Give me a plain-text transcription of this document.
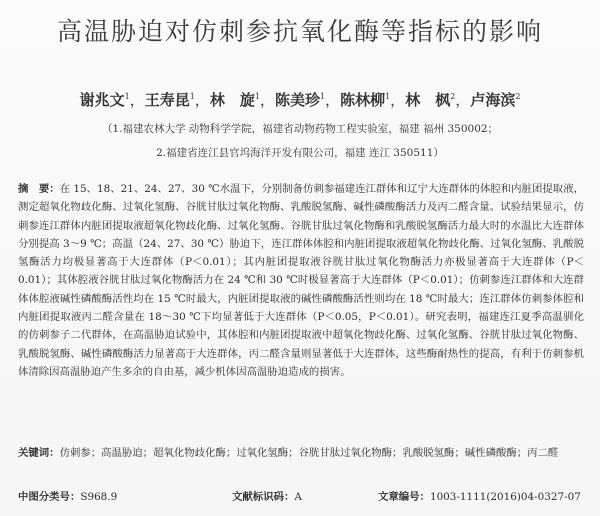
高温胁迫对仿刺参抗氧化酶等指标的影响
谢兆文$^1$，王寿昆$^1$，林　旋$^1$，陈美珍$^1$，陈林柳$^1$，林　枫$^2$，卢海滨$^2$
（1.福建农林大学 动物科学学院，福建省动物药物工程实验室，福建 福州 350002；
2.福建省连江县官坞海洋开发有限公司，福建 连江 350511）

摘　要：在 15、18、21、24、27、30 ℃水温下，分别制备仿刺参福建连江群体和辽宁大连群体的体腔和内脏团提取液，测定超氧化物歧化酶、过氧化氢酶、谷胱甘肽过氧化物酶、乳酸脱氢酶、碱性磷酸酶活力及丙二醛含量。试验结果显示，仿刺参连江群体内脏团提取液超氧化物歧化酶、过氧化氢酶、谷胱甘肽过氧化物酶和乳酸脱氢酶活力最大时的水温比大连群体分别提高 3～9 ℃；高温（24、27、30 ℃）胁迫下，连江群体体腔和内脏团提取液超氧化物歧化酶、过氧化氢酶、乳酸脱氢酶活力均极显著高于大连群体（P＜0.01）；其内脏团提取液谷胱甘肽过氧化物酶活力亦极显著高于大连群体（P＜0.01）；其体腔液谷胱甘肽过氧化物酶活力在 24 ℃和 30 ℃时极显著高于大连群体（P＜0.01）；仿刺参连江群体和大连群体体腔液碱性磷酸酶活性均在 15 ℃时最大，内脏团提取液的碱性磷酸酶活性则均在 18 ℃时最大；连江群体仿刺参体腔和内脏团提取液丙二醛含量在 18～30 ℃下均显著低于大连群体（P＜0.05，P＜0.01）。研究表明，福建连江夏季高温驯化的仿刺参子二代群体，在高温胁迫试验中，其体腔和内脏团提取液中超氧化物歧化酶、过氧化氢酶、谷胱甘肽过氧化物酶、乳酸脱氢酶、碱性磷酸酶活力显著高于大连群体，丙二醛含量则显著低于大连群体，这些酶耐热性的提高，有利于仿刺参机体清除因高温胁迫产生多余的自由基，减少机体因高温胁迫造成的损害。

关键词：仿刺参；高温胁迫；超氧化物歧化酶；过氧化氢酶；谷胱甘肽过氧化物酶；乳酸脱氢酶；碱性磷酸酶；丙二醛

中图分类号：S968.9	文献标识码：A	文章编号：1003-1111(2016)04-0327-07
